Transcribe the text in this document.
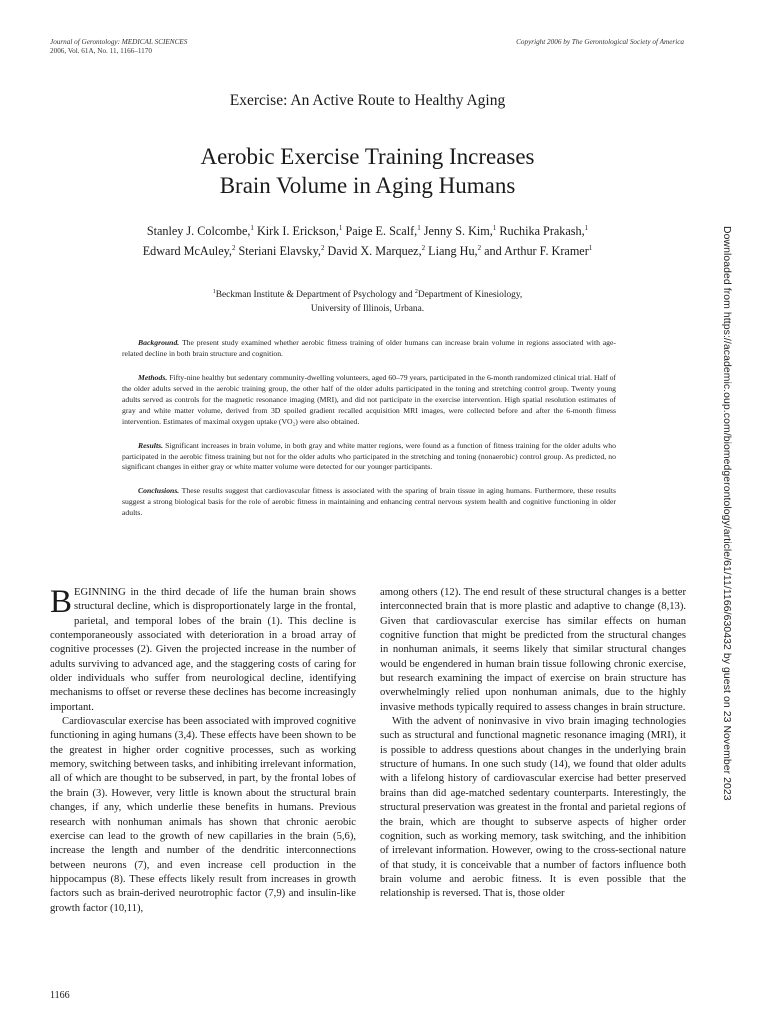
Journal of Gerontology: MEDICAL SCIENCES
2006, Vol. 61A, No. 11, 1166–1170
Copyright 2006 by The Gerontological Society of America
Exercise: An Active Route to Healthy Aging
Aerobic Exercise Training Increases
Brain Volume in Aging Humans
Stanley J. Colcombe,$^1$ Kirk I. Erickson,$^1$ Paige E. Scalf,$^1$ Jenny S. Kim,$^1$ Ruchika Prakash,$^1$
Edward McAuley,$^2$ Steriani Elavsky,$^2$ David X. Marquez,$^2$ Liang Hu,$^2$ and Arthur F. Kramer$^1$
$^1$Beckman Institute & Department of Psychology and $^2$Department of Kinesiology,
University of Illinois, Urbana.

Background. The present study examined whether aerobic fitness training of older humans can increase brain volume in regions associated with age-related decline in both brain structure and cognition.

Methods. Fifty-nine healthy but sedentary community-dwelling volunteers, aged 60–79 years, participated in the 6-month randomized clinical trial. Half of the older adults served in the aerobic training group, the other half of the older adults participated in the toning and stretching control group. Twenty young adults served as controls for the magnetic resonance imaging (MRI), and did not participate in the exercise intervention. High spatial resolution estimates of gray and white matter volume, derived from 3D spoiled gradient recalled acquisition MRI images, were collected before and after the 6-month fitness intervention. Estimates of maximal oxygen uptake (VO₂) were also obtained.

Results. Significant increases in brain volume, in both gray and white matter regions, were found as a function of fitness training for the older adults who participated in the aerobic fitness training but not for the older adults who participated in the stretching and toning (nonaerobic) control group. As predicted, no significant changes in either gray or white matter volume were detected for our younger participants.

Conclusions. These results suggest that cardiovascular fitness is associated with the sparing of brain tissue in aging humans. Furthermore, these results suggest a strong biological basis for the role of aerobic fitness in maintaining and enhancing central nervous system health and cognitive functioning in older adults.

BEGINNING in the third decade of life the human brain shows structural decline, which is disproportionately large in the frontal, parietal, and temporal lobes of the brain (1). This decline is contemporaneously associated with deterioration in a broad array of cognitive processes (2). Given the projected increase in the number of adults surviving to advanced age, and the staggering costs of caring for older individuals who suffer from neurological decline, identifying mechanisms to offset or reverse these declines has become increasingly important.

Cardiovascular exercise has been associated with improved cognitive functioning in aging humans (3,4). These effects have been shown to be the greatest in higher order cognitive processes, such as working memory, switching between tasks, and inhibiting irrelevant information, all of which are thought to be subserved, in part, by the frontal lobes of the brain (3). However, very little is known about the structural brain changes, if any, which underlie these benefits in humans. Previous research with nonhuman animals has shown that chronic aerobic exercise can lead to the growth of new capillaries in the brain (5,6), increase the length and number of the dendritic interconnections between neurons (7), and even increase cell production in the hippocampus (8). These effects likely result from increases in growth factors such as brain-derived neurotrophic factor (7,9) and insulin-like growth factor (10,11),

among others (12). The end result of these structural changes is a better interconnected brain that is more plastic and adaptive to change (8,13). Given that cardiovascular exercise has similar effects on human cognitive function that might be predicted from the structural changes in nonhuman animals, it seems likely that similar structural changes would be engendered in human brain tissue following chronic exercise, but research examining the impact of exercise on brain structure has overwhelmingly relied upon nonhuman animals, due to the highly invasive methods typically required to assess changes in brain structure.

With the advent of noninvasive in vivo brain imaging technologies such as structural and functional magnetic resonance imaging (MRI), it is possible to address questions about changes in the underlying brain structure of humans. In one such study (14), we found that older adults with a lifelong history of cardiovascular exercise had better preserved brains than did age-matched sedentary counterparts. Interestingly, the structural preservation was greatest in the frontal and parietal regions of the brain, which are thought to subserve aspects of higher order cognition, such as working memory, task switching, and the inhibition of irrelevant information. However, owing to the cross-sectional nature of that study, it is conceivable that a number of factors influence both brain volume and aerobic fitness. It is even possible that the relationship is reversed. That is, those older

1166
Downloaded from https://academic.oup.com/biomedgerontology/article/61/11/1166/630432 by guest on 23 November 2023
